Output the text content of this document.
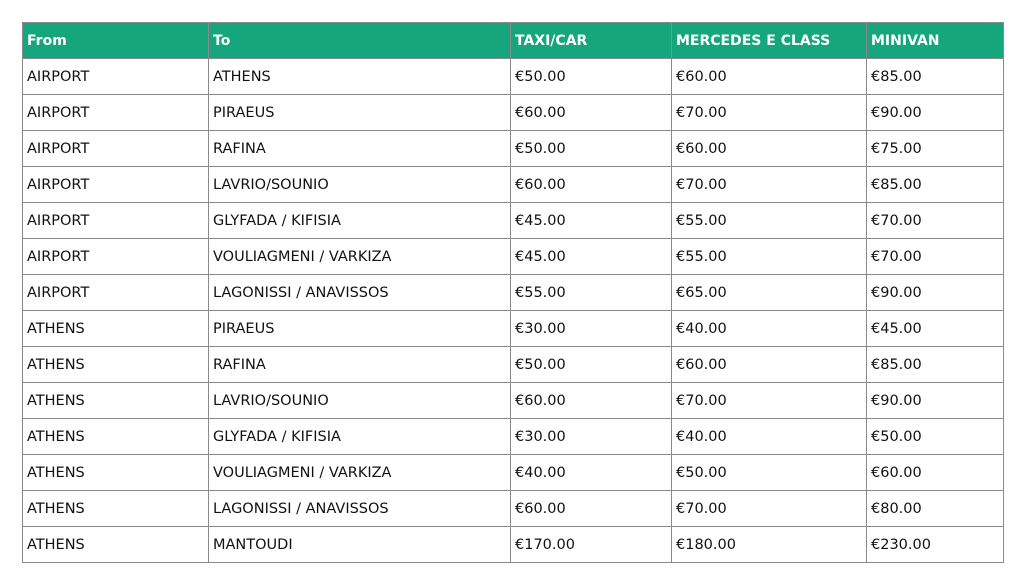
From	To	TAXI/CAR	MERCEDES E CLASS	MINIVAN
AIRPORT	ATHENS	€50.00	€60.00	€85.00
AIRPORT	PIRAEUS	€60.00	€70.00	€90.00
AIRPORT	RAFINA	€50.00	€60.00	€75.00
AIRPORT	LAVRIO/SOUNIO	€60.00	€70.00	€85.00
AIRPORT	GLYFADA / KIFISIA	€45.00	€55.00	€70.00
AIRPORT	VOULIAGMENI / VARKIZA	€45.00	€55.00	€70.00
AIRPORT	LAGONISSI / ANAVISSOS	€55.00	€65.00	€90.00
ATHENS	PIRAEUS	€30.00	€40.00	€45.00
ATHENS	RAFINA	€50.00	€60.00	€85.00
ATHENS	LAVRIO/SOUNIO	€60.00	€70.00	€90.00
ATHENS	GLYFADA / KIFISIA	€30.00	€40.00	€50.00
ATHENS	VOULIAGMENI / VARKIZA	€40.00	€50.00	€60.00
ATHENS	LAGONISSI / ANAVISSOS	€60.00	€70.00	€80.00
ATHENS	MANTOUDI	€170.00	€180.00	€230.00
